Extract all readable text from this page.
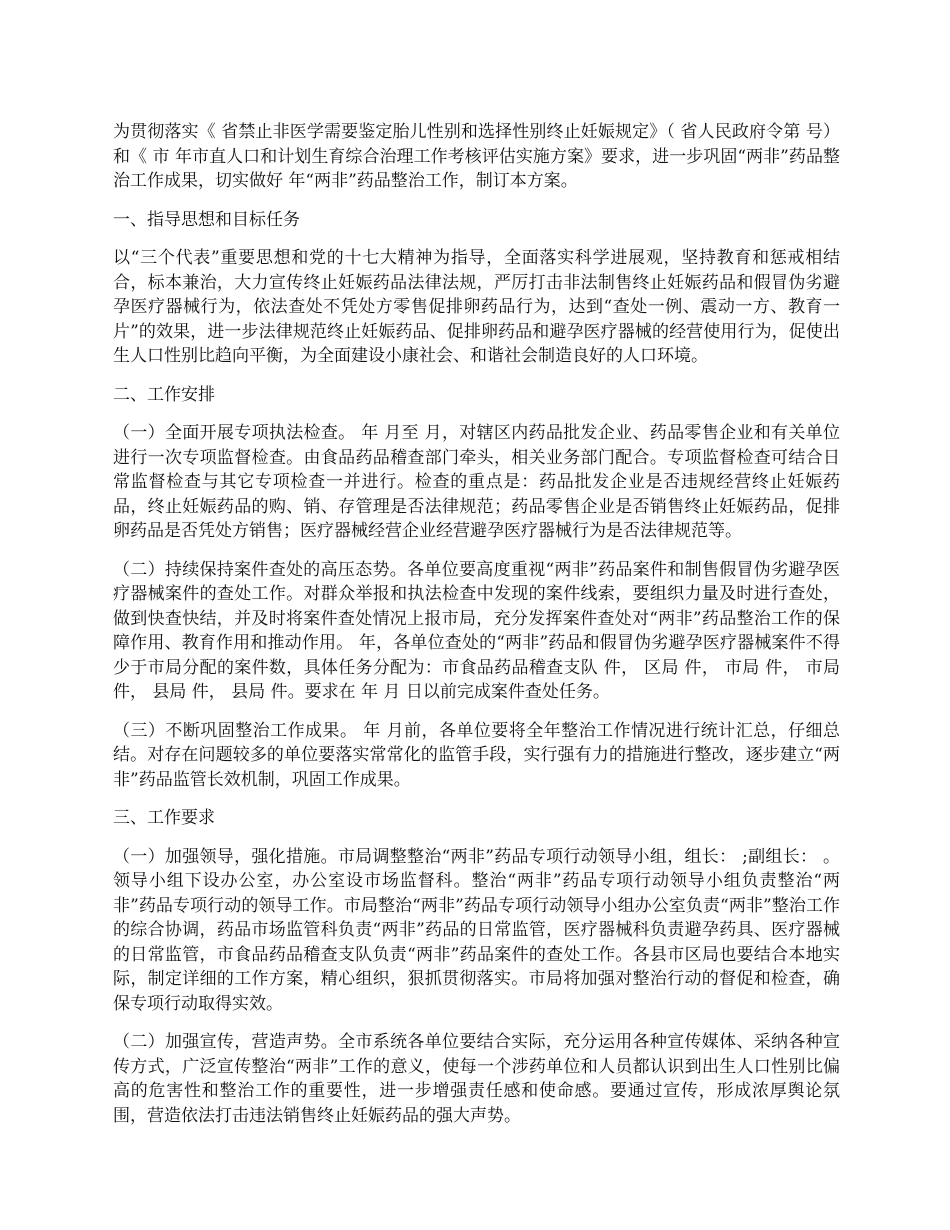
为贯彻落实《 省禁止非医学需要鉴定胎儿性别和选择性别终止妊娠规定》（ 省人民政府令第 号）和《 市 年市直人口和计划生育综合治理工作考核评估实施方案》要求，进一步巩固“两非”药品整治工作成果，切实做好 年“两非”药品整治工作，制订本方案。

一、指导思想和目标任务

以“三个代表”重要思想和党的十七大精神为指导，全面落实科学进展观，坚持教育和惩戒相结合，标本兼治，大力宣传终止妊娠药品法律法规，严厉打击非法制售终止妊娠药品和假冒伪劣避孕医疗器械行为，依法查处不凭处方零售促排卵药品行为，达到“查处一例、震动一方、教育一片”的效果，进一步法律规范终止妊娠药品、促排卵药品和避孕医疗器械的经营使用行为，促使出生人口性别比趋向平衡，为全面建设小康社会、和谐社会制造良好的人口环境。

二、工作安排

（一）全面开展专项执法检查。 年 月至 月，对辖区内药品批发企业、药品零售企业和有关单位进行一次专项监督检查。由食品药品稽查部门牵头，相关业务部门配合。专项监督检查可结合日常监督检查与其它专项检查一并进行。检查的重点是：药品批发企业是否违规经营终止妊娠药品，终止妊娠药品的购、销、存管理是否法律规范；药品零售企业是否销售终止妊娠药品，促排卵药品是否凭处方销售；医疗器械经营企业经营避孕医疗器械行为是否法律规范等。

（二）持续保持案件查处的高压态势。各单位要高度重视“两非”药品案件和制售假冒伪劣避孕医疗器械案件的查处工作。对群众举报和执法检查中发现的案件线索，要组织力量及时进行查处，做到快查快结，并及时将案件查处情况上报市局，充分发挥案件查处对“两非”药品整治工作的保障作用、教育作用和推动作用。 年，各单位查处的“两非”药品和假冒伪劣避孕医疗器械案件不得少于市局分配的案件数，具体任务分配为：市食品药品稽查支队 件， 区局 件， 市局 件， 市局 件， 县局 件， 县局 件。要求在 年 月 日以前完成案件查处任务。

（三）不断巩固整治工作成果。 年 月前，各单位要将全年整治工作情况进行统计汇总，仔细总结。对存在问题较多的单位要落实常常化的监管手段，实行强有力的措施进行整改，逐步建立“两非”药品监管长效机制，巩固工作成果。

三、工作要求

（一）加强领导，强化措施。市局调整整治“两非”药品专项行动领导小组，组长： ;副组长： 。领导小组下设办公室，办公室设市场监督科。整治“两非”药品专项行动领导小组负责整治“两非”药品专项行动的领导工作。市局整治“两非”药品专项行动领导小组办公室负责“两非”整治工作的综合协调，药品市场监管科负责“两非”药品的日常监管，医疗器械科负责避孕药具、医疗器械的日常监管，市食品药品稽查支队负责“两非”药品案件的查处工作。各县市区局也要结合本地实际，制定详细的工作方案，精心组织，狠抓贯彻落实。市局将加强对整治行动的督促和检查，确保专项行动取得实效。

（二）加强宣传，营造声势。全市系统各单位要结合实际，充分运用各种宣传媒体、采纳各种宣传方式，广泛宣传整治“两非”工作的意义，使每一个涉药单位和人员都认识到出生人口性别比偏高的危害性和整治工作的重要性，进一步增强责任感和使命感。要通过宣传，形成浓厚舆论氛围，营造依法打击违法销售终止妊娠药品的强大声势。
